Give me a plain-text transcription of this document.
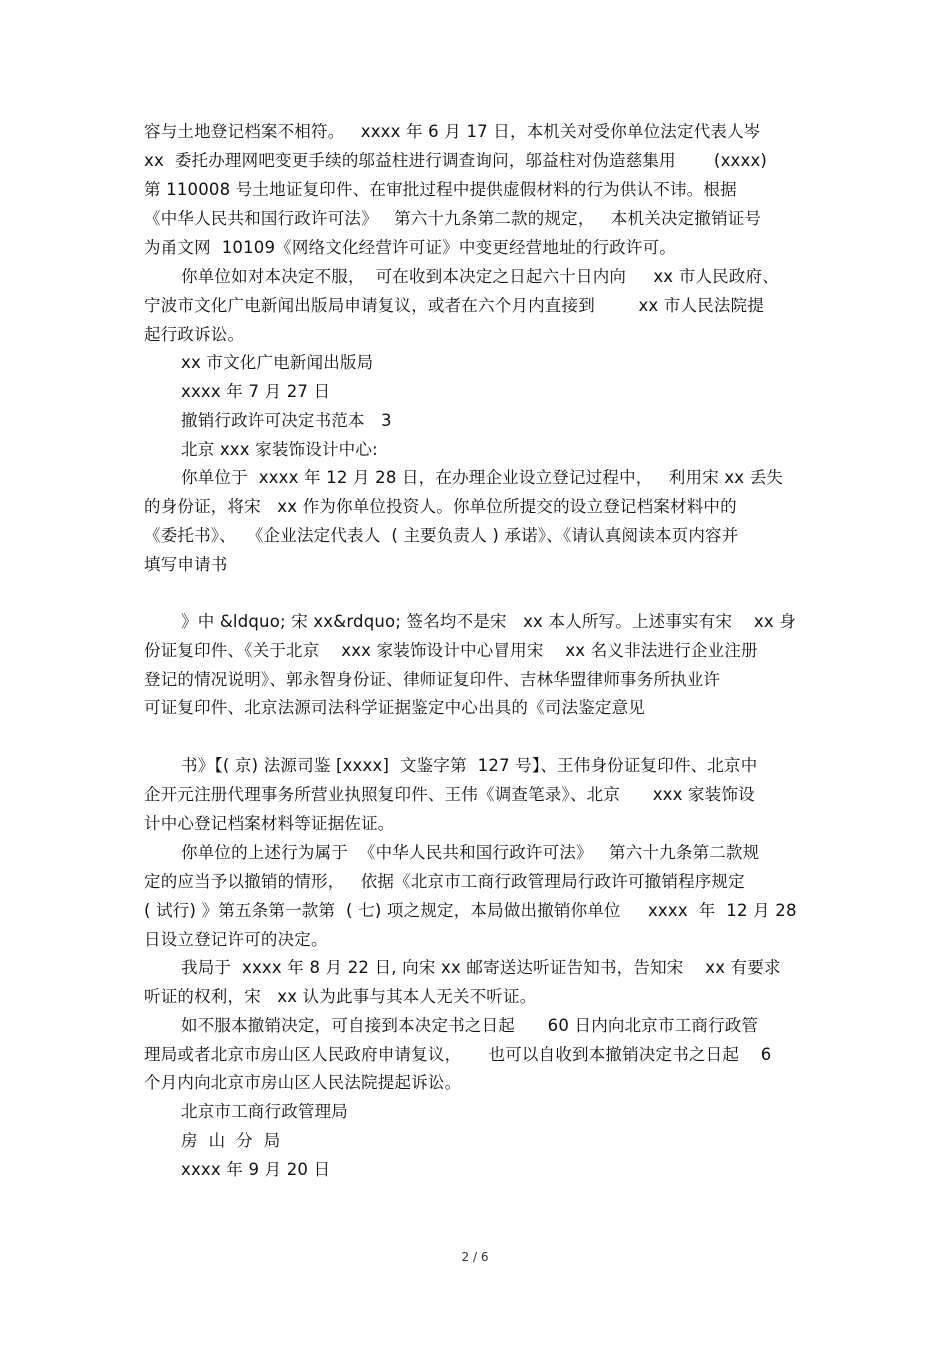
容与土地登记档案不相符。   xxxx 年 6 月 17 日，本机关对受你单位法定代表人岑
xx  委托办理网吧变更手续的邬益柱进行调查询问，邬益柱对伪造慈集用       (xxxx)
第 110008 号土地证复印件、在审批过程中提供虚假材料的行为供认不讳。根据
《中华人民共和国行政许可法》   第六十九条第二款的规定，   本机关决定撤销证号
为甬文网  10109《网络文化经营许可证》中变更经营地址的行政许可。
你单位如对本决定不服，  可在收到本决定之日起六十日内向     xx 市人民政府、
宁波市文化广电新闻出版局申请复议，或者在六个月内直接到        xx 市人民法院提
起行政诉讼。
xx 市文化广电新闻出版局
xxxx 年 7 月 27 日
撤销行政许可决定书范本   3
北京 xxx 家装饰设计中心:
你单位于  xxxx 年 12 月 28 日，在办理企业设立登记过程中，   利用宋 xx 丢失
的身份证，将宋   xx 作为你单位投资人。你单位所提交的设立登记档案材料中的
《委托书》、  《企业法定代表人  ( 主要负责人 ) 承诺》、《请认真阅读本页内容并
填写申请书
》中 &ldquo; 宋 xx&rdquo; 签名均不是宋   xx 本人所写。上述事实有宋    xx 身
份证复印件、《关于北京    xxx 家装饰设计中心冒用宋    xx 名义非法进行企业注册
登记的情况说明》、郭永智身份证、律师证复印件、吉林华盟律师事务所执业许
可证复印件、北京法源司法科学证据鉴定中心出具的《司法鉴定意见
书》【( 京) 法源司鉴 [xxxx]  文鉴字第  127 号】、王伟身份证复印件、北京中
企开元注册代理事务所营业执照复印件、王伟《调查笔录》、北京      xxx 家装饰设
计中心登记档案材料等证据佐证。
你单位的上述行为属于  《中华人民共和国行政许可法》   第六十九条第二款规
定的应当予以撤销的情形，   依据《北京市工商行政管理局行政许可撤销程序规定
( 试行) 》第五条第一款第  ( 七) 项之规定，本局做出撤销你单位     xxxx  年  12 月 28
日设立登记许可的决定。
我局于  xxxx 年 8 月 22 日, 向宋 xx 邮寄送达听证告知书，告知宋    xx 有要求
听证的权利，宋   xx 认为此事与其本人无关不听证。
如不服本撤销决定，可自接到本决定书之日起      60 日内向北京市工商行政管
理局或者北京市房山区人民政府申请复议，     也可以自收到本撤销决定书之日起    6
个月内向北京市房山区人民法院提起诉讼。
北京市工商行政管理局
房  山  分  局
xxxx 年 9 月 20 日
2 / 6
